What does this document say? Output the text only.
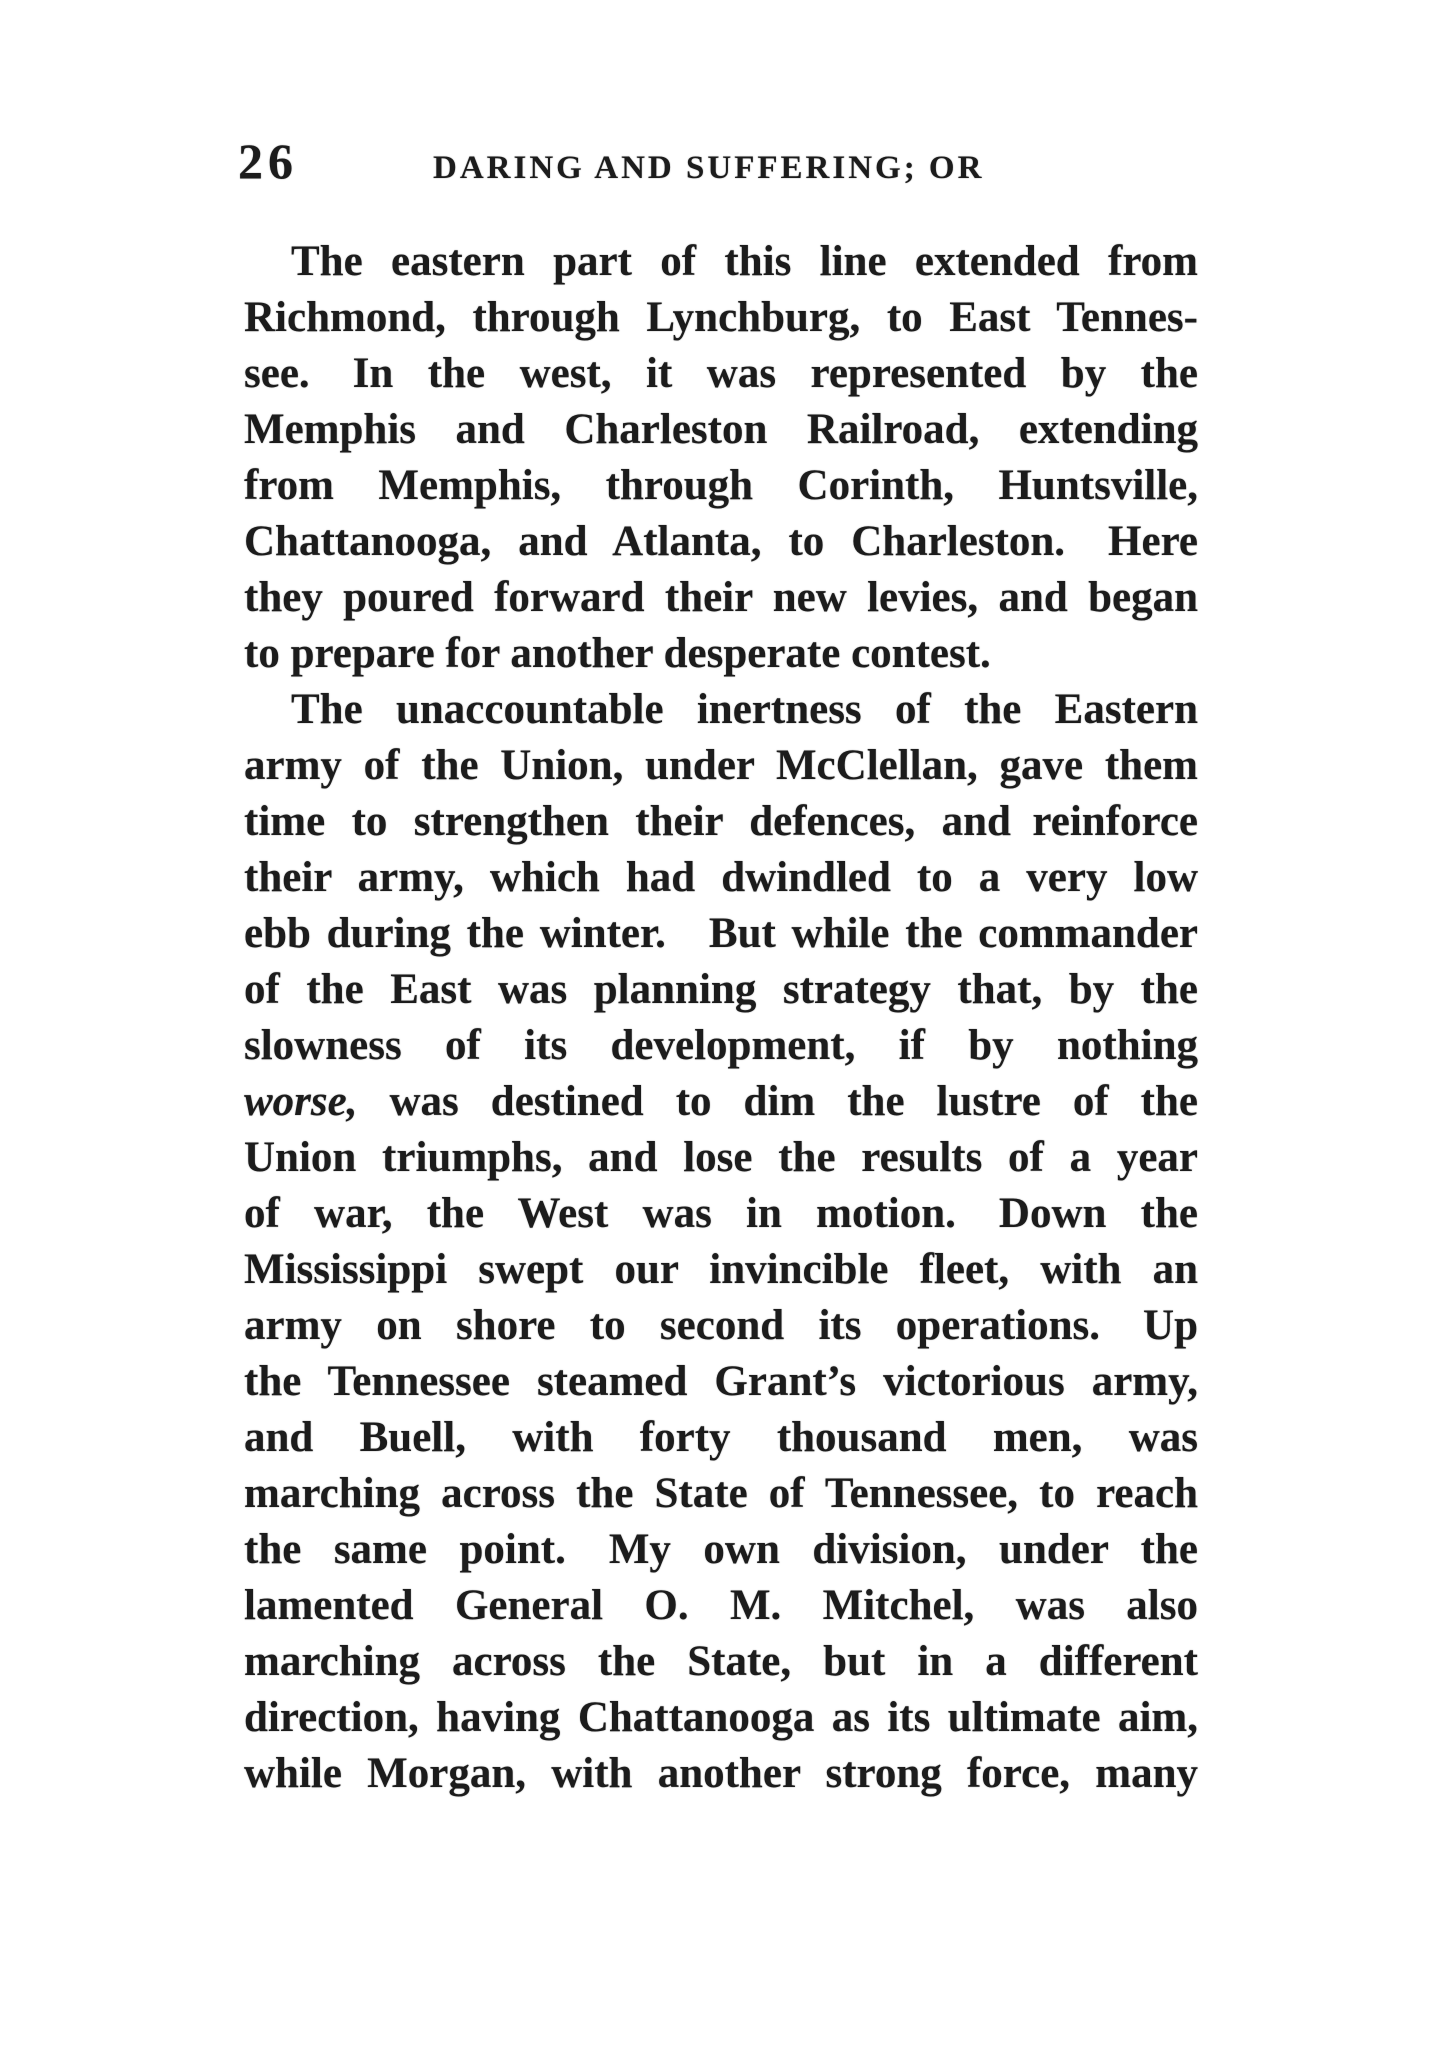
26	DARING AND SUFFERING; OR
The eastern part of this line extended from
Richmond, through Lynchburg, to East Tennes-
see. In the west, it was represented by the
Memphis and Charleston Railroad, extending
from Memphis, through Corinth, Huntsville,
Chattanooga, and Atlanta, to Charleston. Here
they poured forward their new levies, and began
to prepare for another desperate contest.
The unaccountable inertness of the Eastern
army of the Union, under McClellan, gave them
time to strengthen their defences, and reinforce
their army, which had dwindled to a very low
ebb during the winter. But while the commander
of the East was planning strategy that, by the
slowness of its development, if by nothing
worse, was destined to dim the lustre of the
Union triumphs, and lose the results of a year
of war, the West was in motion. Down the
Mississippi swept our invincible fleet, with an
army on shore to second its operations. Up
the Tennessee steamed Grant’s victorious army,
and Buell, with forty thousand men, was
marching across the State of Tennessee, to reach
the same point. My own division, under the
lamented General O. M. Mitchel, was also
marching across the State, but in a different
direction, having Chattanooga as its ultimate aim,
while Morgan, with another strong force, many
